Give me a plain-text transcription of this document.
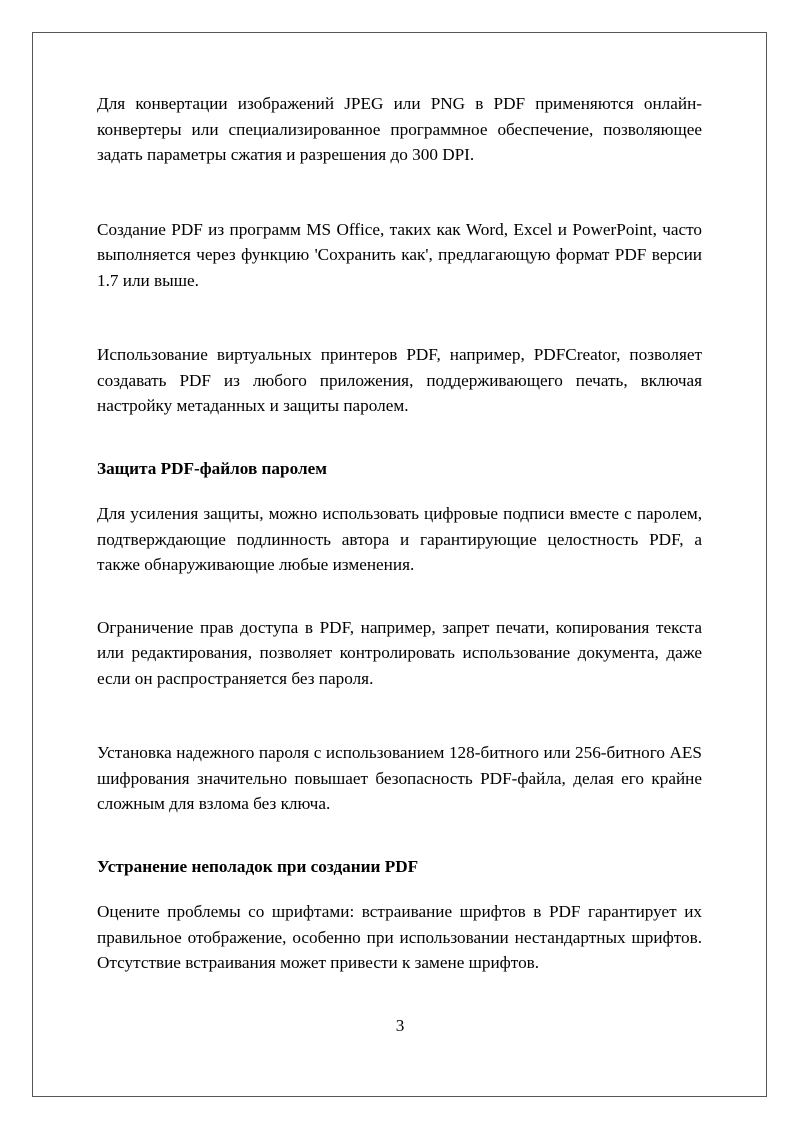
Для конвертации изображений JPEG или PNG в PDF применяются онлайн-конвертеры или специализированное программное обеспечение, позволяющее задать параметры сжатия и разрешения до 300 DPI.

Создание PDF из программ MS Office, таких как Word, Excel и PowerPoint, часто выполняется через функцию 'Сохранить как', предлагающую формат PDF версии 1.7 или выше.

Использование виртуальных принтеров PDF, например, PDFCreator, позволяет создавать PDF из любого приложения, поддерживающего печать, включая настройку метаданных и защиты паролем.

Защита PDF-файлов паролем

Для усиления защиты, можно использовать цифровые подписи вместе с паролем, подтверждающие подлинность автора и гарантирующие целостность PDF, а также обнаруживающие любые изменения.

Ограничение прав доступа в PDF, например, запрет печати, копирования текста или редактирования, позволяет контролировать использование документа, даже если он распространяется без пароля.

Установка надежного пароля с использованием 128-битного или 256-битного AES шифрования значительно повышает безопасность PDF-файла, делая его крайне сложным для взлома без ключа.

Устранение неполадок при создании PDF

Оцените проблемы со шрифтами: встраивание шрифтов в PDF гарантирует их правильное отображение, особенно при использовании нестандартных шрифтов. Отсутствие встраивания может привести к замене шрифтов.

3
